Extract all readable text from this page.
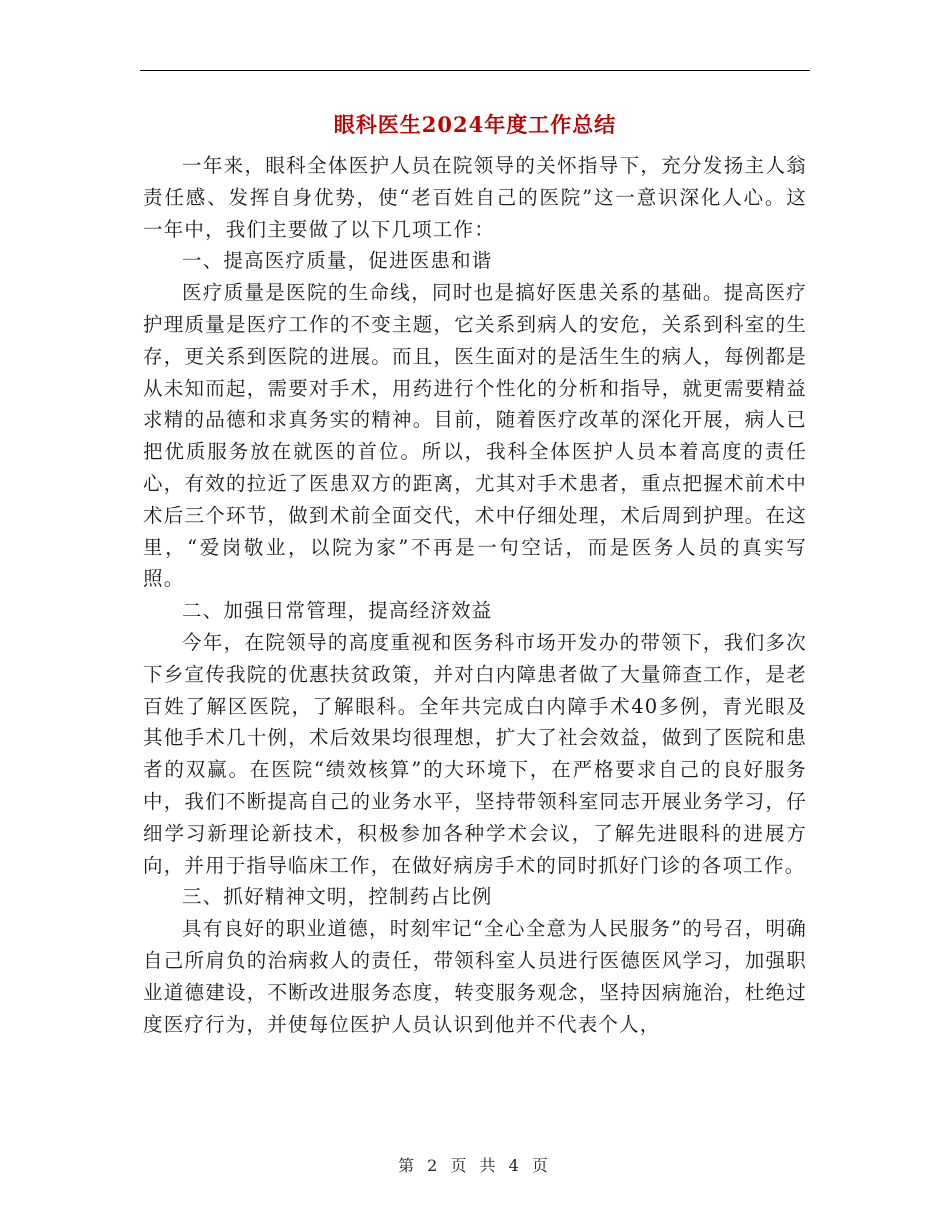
眼科医生2024年度工作总结

一年来，眼科全体医护人员在院领导的关怀指导下，充分发扬主人翁责任感、发挥自身优势，使“老百姓自己的医院”这一意识深化人心。这一年中，我们主要做了以下几项工作：

一、提高医疗质量，促进医患和谐

医疗质量是医院的生命线，同时也是搞好医患关系的基础。提高医疗护理质量是医疗工作的不变主题，它关系到病人的安危，关系到科室的生存，更关系到医院的进展。而且，医生面对的是活生生的病人，每例都是从未知而起，需要对手术，用药进行个性化的分析和指导，就更需要精益求精的品德和求真务实的精神。目前，随着医疗改革的深化开展，病人已把优质服务放在就医的首位。所以，我科全体医护人员本着高度的责任心，有效的拉近了医患双方的距离，尤其对手术患者，重点把握术前术中术后三个环节，做到术前全面交代，术中仔细处理，术后周到护理。在这里，“爱岗敬业，以院为家”不再是一句空话，而是医务人员的真实写照。

二、加强日常管理，提高经济效益

今年，在院领导的高度重视和医务科市场开发办的带领下，我们多次下乡宣传我院的优惠扶贫政策，并对白内障患者做了大量筛查工作，是老百姓了解区医院，了解眼科。全年共完成白内障手术40多例，青光眼及其他手术几十例，术后效果均很理想，扩大了社会效益，做到了医院和患者的双赢。在医院“绩效核算”的大环境下，在严格要求自己的良好服务中，我们不断提高自己的业务水平，坚持带领科室同志开展业务学习，仔细学习新理论新技术，积极参加各种学术会议，了解先进眼科的进展方向，并用于指导临床工作，在做好病房手术的同时抓好门诊的各项工作。

三、抓好精神文明，控制药占比例

具有良好的职业道德，时刻牢记“全心全意为人民服务”的号召，明确自己所肩负的治病救人的责任，带领科室人员进行医德医风学习，加强职业道德建设，不断改进服务态度，转变服务观念，坚持因病施治，杜绝过度医疗行为，并使每位医护人员认识到他并不代表个人，

第 2 页 共 4 页
